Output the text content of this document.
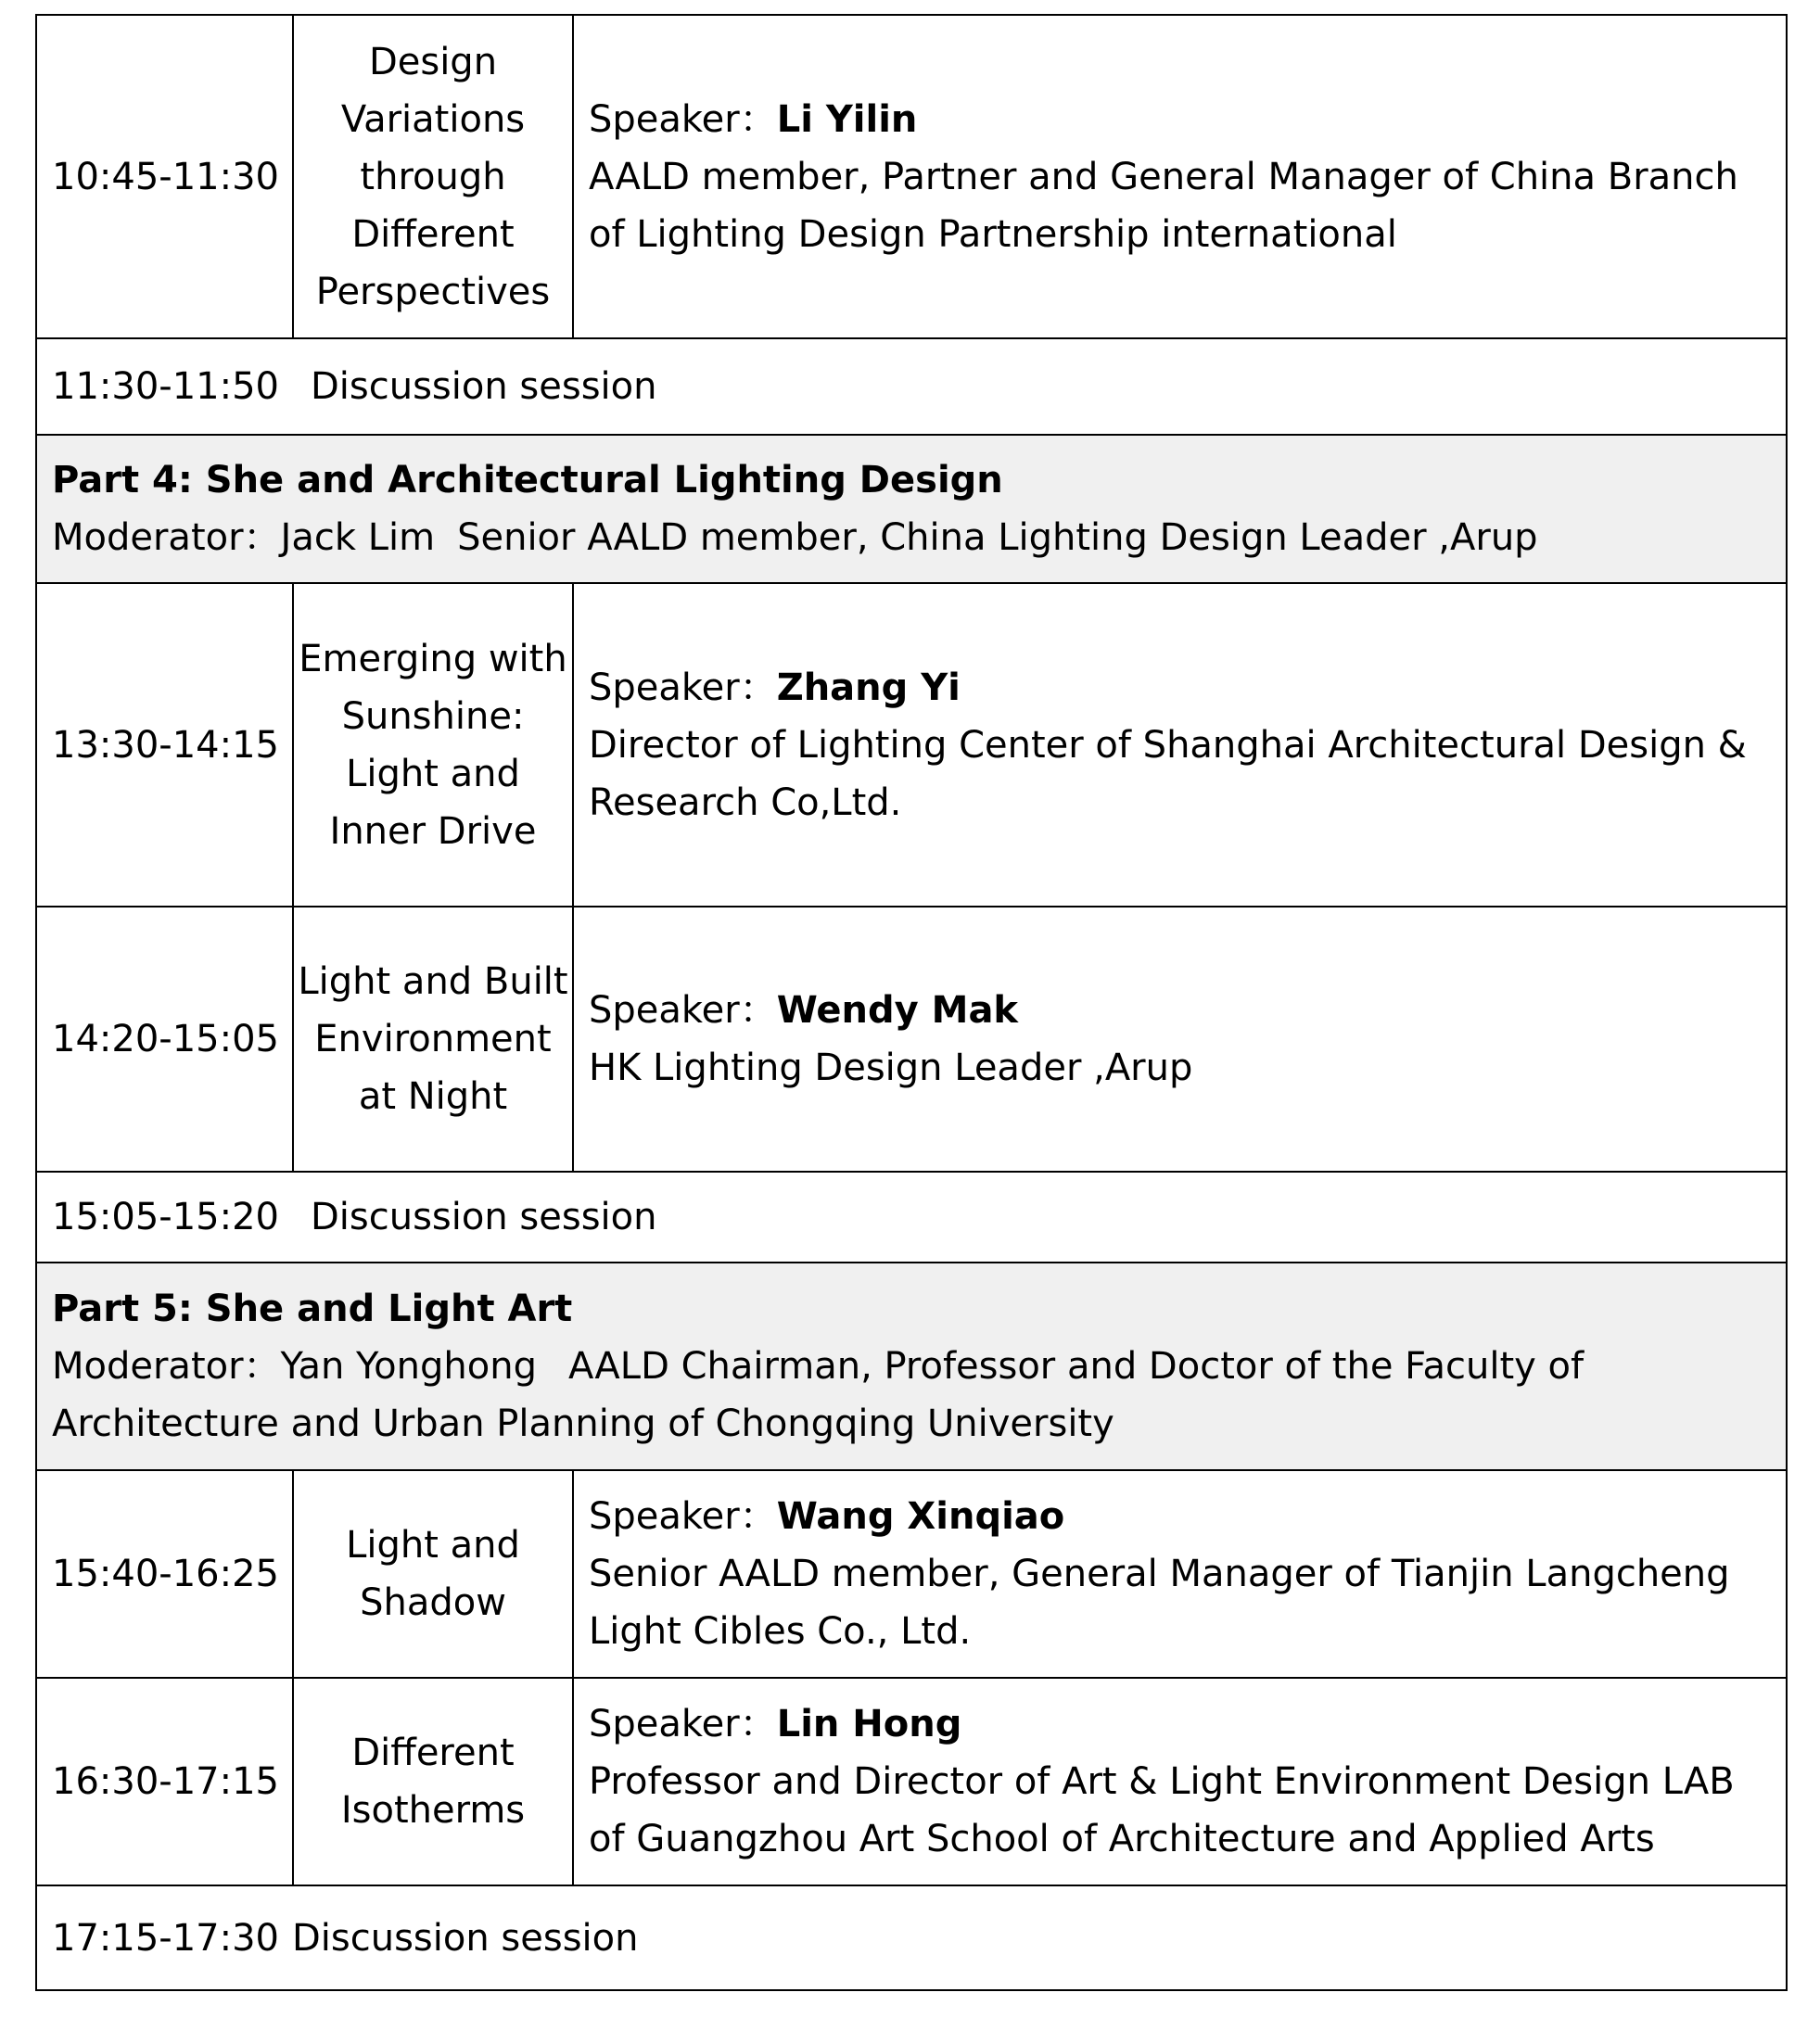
10:45-11:30	Design Variations through Different Perspectives	Speaker：Li Yilin
AALD member, Partner and General Manager of China Branch of Lighting Design Partnership international

11:30-11:50 Discussion session		

Part 4: She and Architectural Lighting Design
Moderator：Jack Lim Senior AALD member, China Lighting Design Leader ,Arup		

13:30-14:15	Emerging with Sunshine: Light and Inner Drive	Speaker：Zhang Yi
Director of Lighting Center of Shanghai Architectural Design & Research Co,Ltd.

14:20-15:05	Light and Built Environment at Night	Speaker：Wendy Mak
HK Lighting Design Leader ,Arup

15:05-15:20 Discussion session		

Part 5: She and Light Art
Moderator：Yan Yonghong AALD Chairman, Professor and Doctor of the Faculty of Architecture and Urban Planning of Chongqing University		

15:40-16:25	Light and Shadow	Speaker：Wang Xinqiao
Senior AALD member, General Manager of Tianjin Langcheng Light Cibles Co., Ltd.

16:30-17:15	Different Isotherms	Speaker：Lin Hong
Professor and Director of Art & Light Environment Design LAB of Guangzhou Art School of Architecture and Applied Arts

17:15-17:30 Discussion session		
